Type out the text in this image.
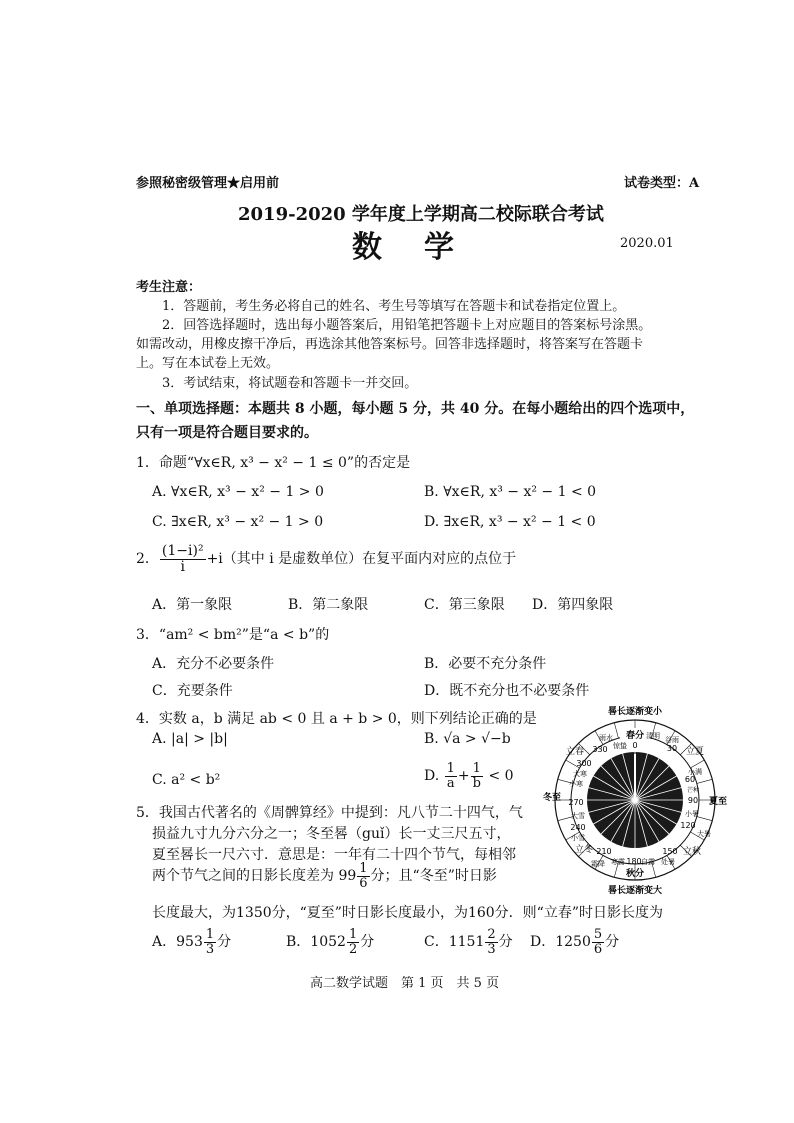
参照秘密级管理★启用前	试卷类型：A
2019-2020 学年度上学期高二校际联合考试
数　学	2020.01
考生注意：
1．答题前，考生务必将自己的姓名、考生号等填写在答题卡和试卷指定位置上。
2．回答选择题时，选出每小题答案后，用铅笔把答题卡上对应题目的答案标号涂黑。
如需改动，用橡皮擦干净后，再选涂其他答案标号。回答非选择题时，将答案写在答题卡
上。写在本试卷上无效。
3．考试结束，将试题卷和答题卡一并交回。
一、单项选择题：本题共 8 小题，每小题 5 分，共 40 分。在每小题给出的四个选项中，
只有一项是符合题目要求的。
1．命题“∀x∈R, x³ − x² − 1 ≤ 0”的否定是
A. ∀x∈R, x³ − x² − 1 > 0	B. ∀x∈R, x³ − x² − 1 < 0
C. ∃x∈R, x³ − x² − 1 > 0	D. ∃x∈R, x³ − x² − 1 < 0
2． $\frac{\text{(1−i)²}}{i} +i$（其中 i 是虚数单位）在复平面内对应的点位于
A．第一象限	B．第二象限	C．第三象限 D．第四象限
3．“am² < bm²”是“a < b”的
A．充分不必要条件	B．必要不充分条件
C．充要条件	D．既不充分也不必要条件
4．实数 a，b 满足 ab < 0 且 a + b > 0，则下列结论正确的是
A. |a| > |b|	B. √a > √−b
C. a² < b²	D. $\frac{1}{a} + \frac{1}{b} < 0$
5．我国古代著名的《周髀算经》中提到：凡八节二十四气，气
损益九寸九分六分之一；冬至晷（guǐ）长一丈三尺五寸，
夏至晷长一尺六寸．意思是：一年有二十四个节气，每相邻
两个节气之间的日影长度差为 $99 \frac{1}{6}$ 分；且“冬至”时日影
长度最大，为1350分，“夏至”时日影长度最小，为160分．则“立春”时日影长度为
A．$953 \frac{1}{3}$ 分	B．$1052 \frac{1}{2}$ 分	C．$1151 \frac{2}{3}$ 分 D．$1250 \frac{5}{6}$ 分
晷长逐渐变小
春分
0
清明 谷雨
30 立夏
小满
60
芒种
90 夏至
小暑
120
大暑
立秋
150
处暑
白露
180
秋分
寒露
霜降
210
立冬
小雪
240
大雪
冬至 270
小寒
大寒
300
立春 330
雨水
惊蛰
晷长逐渐变大
高二数学试题　第 1 页　共 5 页
